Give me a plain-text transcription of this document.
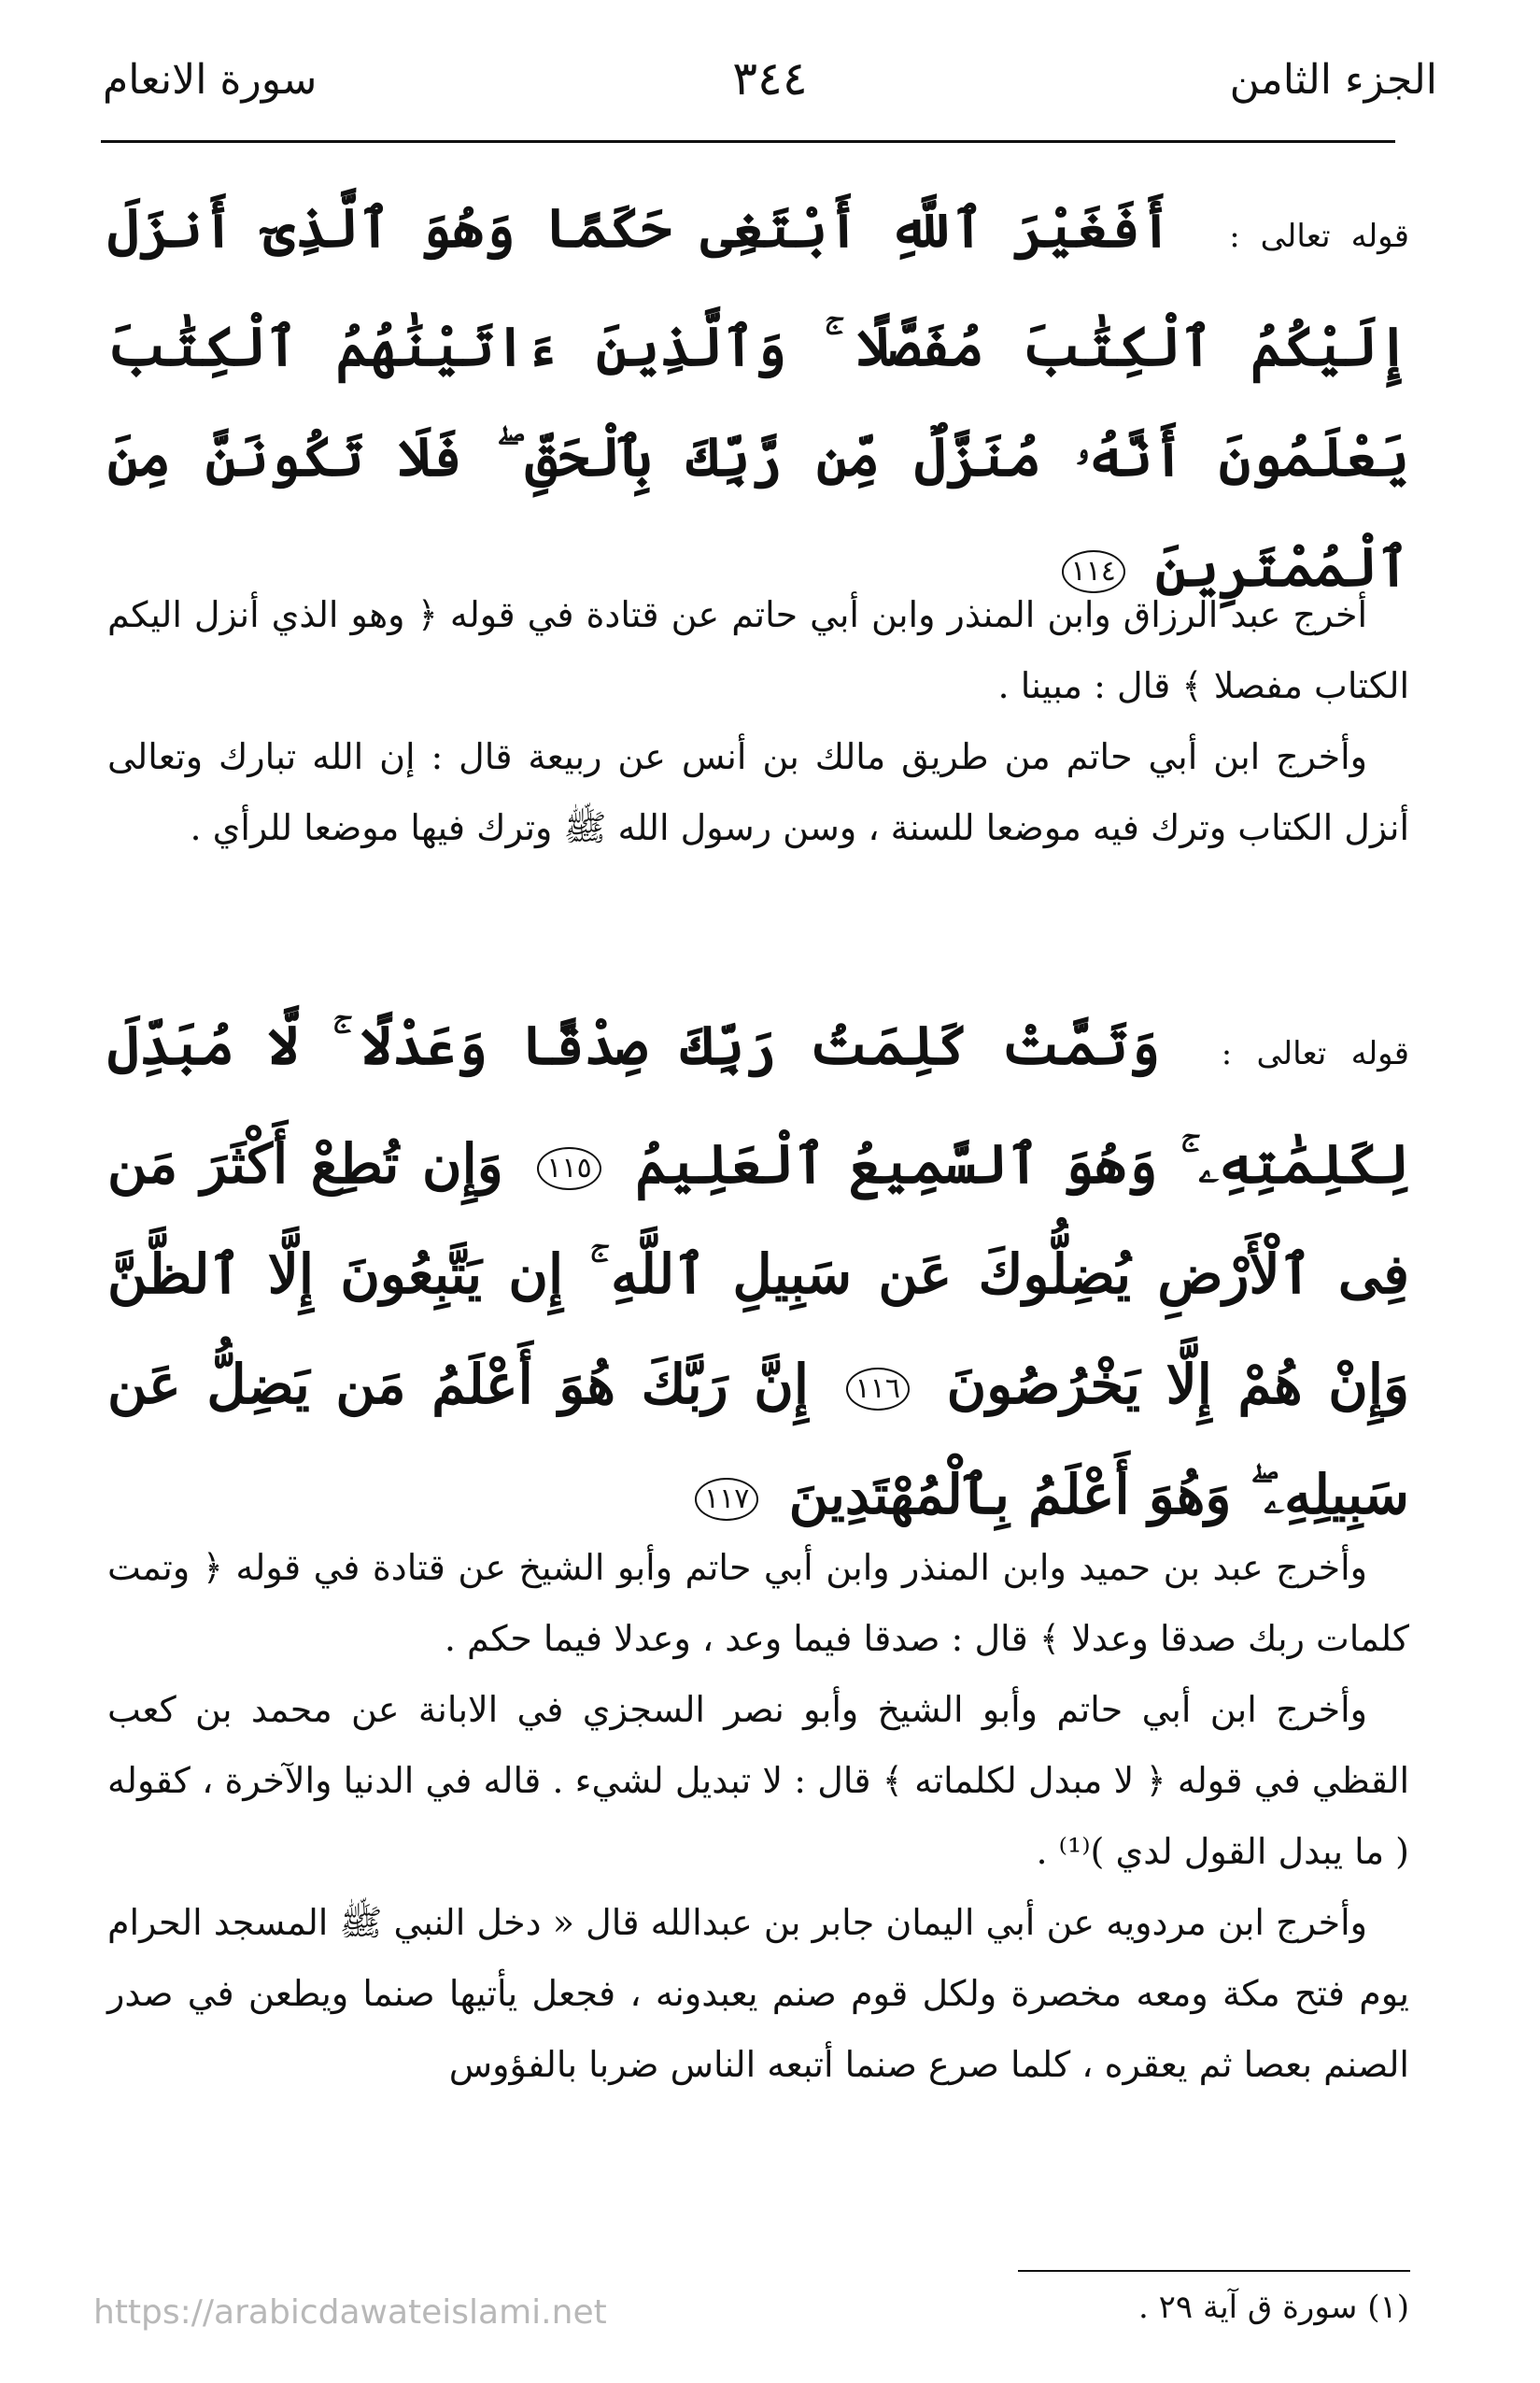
الجزء الثامن
٣٤٤
سورة الانعام
قوله تعالى : أَفَغَيْرَ ٱللَّهِ أَبْتَغِى حَكَمًا وَهُوَ ٱلَّذِىٓ أَنزَلَ إِلَيْكُمُ ٱلْكِتَٰبَ مُفَصَّلًا ۚ وَٱلَّذِينَ ءَاتَيْنَٰهُمُ ٱلْكِتَٰبَ يَعْلَمُونَ أَنَّهُۥ مُنَزَّلٌ مِّن رَّبِّكَ بِٱلْحَقِّ ۖ فَلَا تَكُونَنَّ مِنَ ٱلْمُمْتَرِينَ ١١٤

أخرج عبد الرزاق وابن المنذر وابن أبي حاتم عن قتادة في قوله ﴿ وهو الذي أنزل اليكم الكتاب مفصلا ﴾ قال : مبينا .

وأخرج ابن أبي حاتم من طريق مالك بن أنس عن ربيعة قال : إن الله تبارك وتعالى أنزل الكتاب وترك فيه موضعا للسنة ، وسن رسول الله ﷺ وترك فيها موضعا للرأي .

قوله تعالى : وَتَمَّتْ كَلِمَتُ رَبِّكَ صِدْقًا وَعَدْلًا ۚ لَّا مُبَدِّلَ لِكَلِمَٰتِهِۦ ۚ وَهُوَ ٱلسَّمِيعُ ٱلْعَلِيمُ ١١٥ وَإِن تُطِعْ أَكْثَرَ مَن فِى ٱلْأَرْضِ يُضِلُّوكَ عَن سَبِيلِ ٱللَّهِ ۚ إِن يَتَّبِعُونَ إِلَّا ٱلظَّنَّ وَإِنْ هُمْ إِلَّا يَخْرُصُونَ ١١٦ إِنَّ رَبَّكَ هُوَ أَعْلَمُ مَن يَضِلُّ عَن سَبِيلِهِۦ ۖ وَهُوَ أَعْلَمُ بِٱلْمُهْتَدِينَ ١١٧

وأخرج عبد بن حميد وابن المنذر وابن أبي حاتم وأبو الشيخ عن قتادة في قوله ﴿ وتمت كلمات ربك صدقا وعدلا ﴾ قال : صدقا فيما وعد ، وعدلا فيما حكم .

وأخرج ابن أبي حاتم وأبو الشيخ وأبو نصر السجزي في الابانة عن محمد بن كعب القظي في قوله ﴿ لا مبدل لكلماته ﴾ قال : لا تبديل لشيء . قاله في الدنيا والآخرة ، كقوله ( ما يبدل القول لدي )⁽¹⁾ .

وأخرج ابن مردويه عن أبي اليمان جابر بن عبدالله قال « دخل النبي ﷺ المسجد الحرام يوم فتح مكة ومعه مخصرة ولكل قوم صنم يعبدونه ، فجعل يأتيها صنما ويطعن في صدر الصنم بعصا ثم يعقره ، كلما صرع صنما أتبعه الناس ضربا بالفؤوس

(١) سورة ق آية ٢٩ .
https://arabicdawateislami.net
